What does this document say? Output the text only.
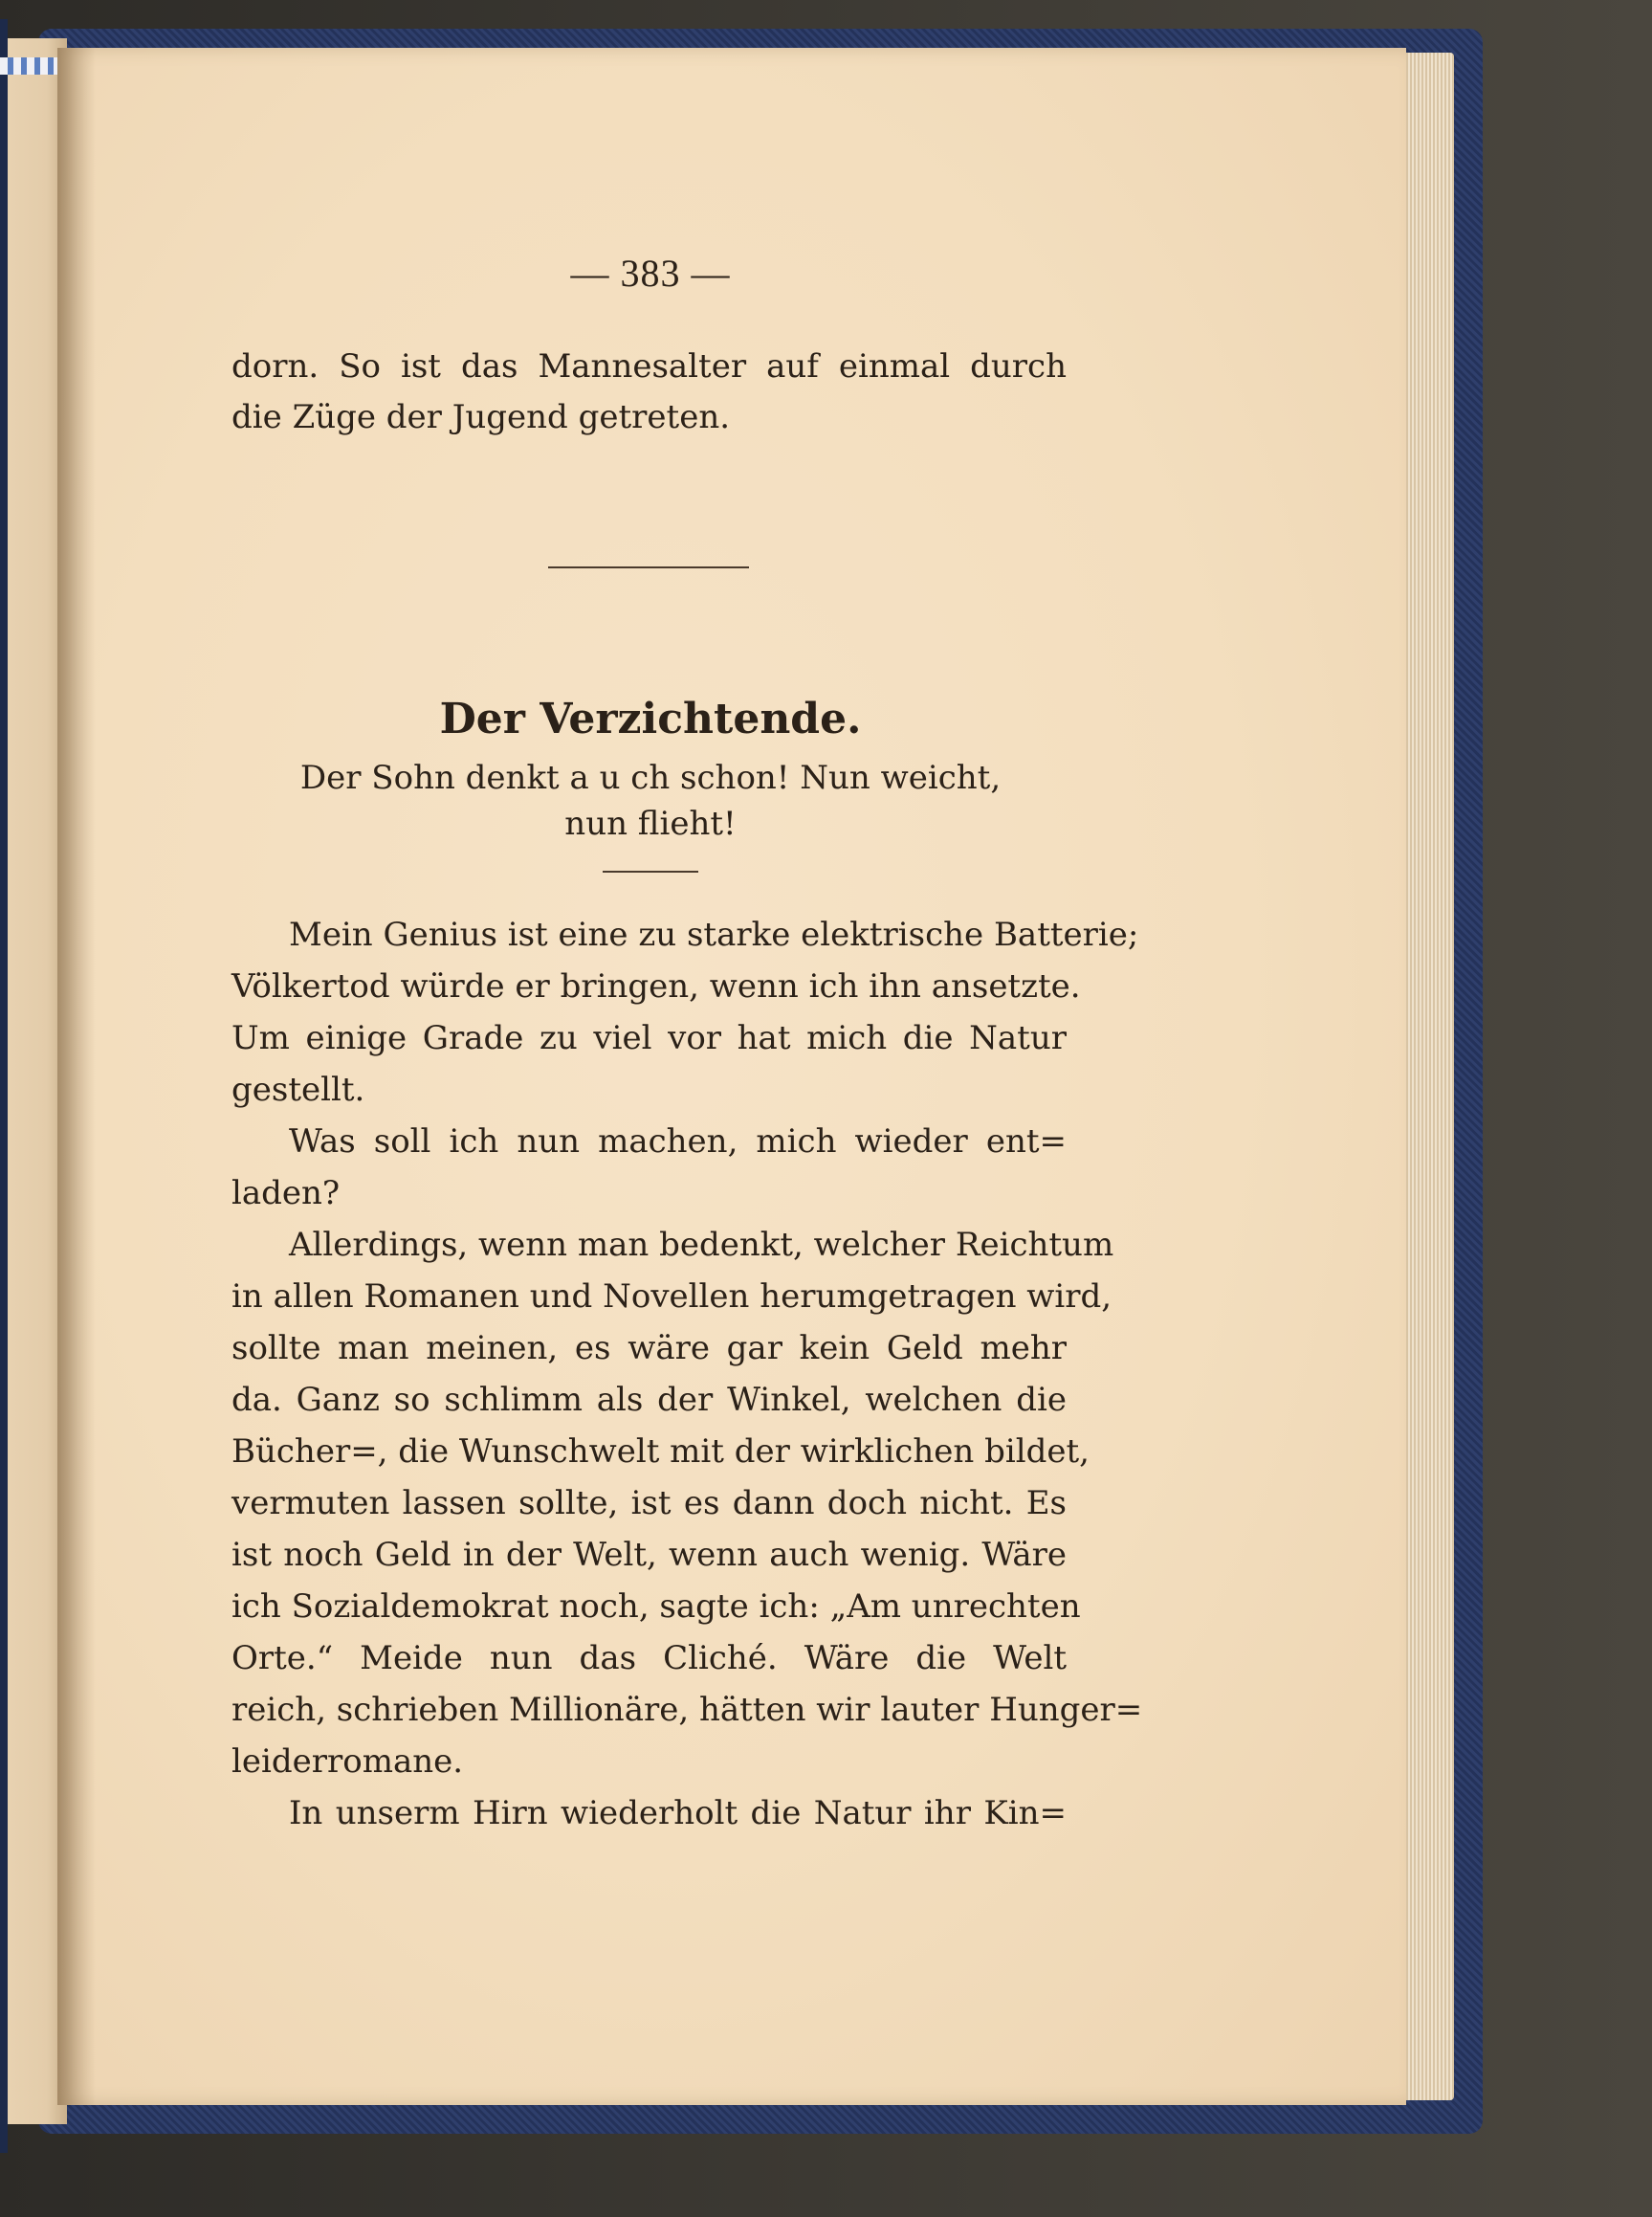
— 383 —
dorn. So ist das Mannesalter auf einmal durch
die Züge der Jugend getreten.
Der Verzichtende.
Der Sohn denkt a u ch schon! Nun weicht,
nun flieht!
Mein Genius ist eine zu starke elektrische Batterie;
Völkertod würde er bringen, wenn ich ihn ansetzte.
Um einige Grade zu viel vor hat mich die Natur
gestellt.
Was soll ich nun machen, mich wieder ent=
laden?
Allerdings, wenn man bedenkt, welcher Reichtum
in allen Romanen und Novellen herumgetragen wird,
sollte man meinen, es wäre gar kein Geld mehr
da. Ganz so schlimm als der Winkel, welchen die
Bücher=, die Wunschwelt mit der wirklichen bildet,
vermuten lassen sollte, ist es dann doch nicht. Es
ist noch Geld in der Welt, wenn auch wenig. Wäre
ich Sozialdemokrat noch, sagte ich: „Am unrechten
Orte.“ Meide nun das Cliché. Wäre die Welt
reich, schrieben Millionäre, hätten wir lauter Hunger=
leiderromane.
In unserm Hirn wiederholt die Natur ihr Kin=
